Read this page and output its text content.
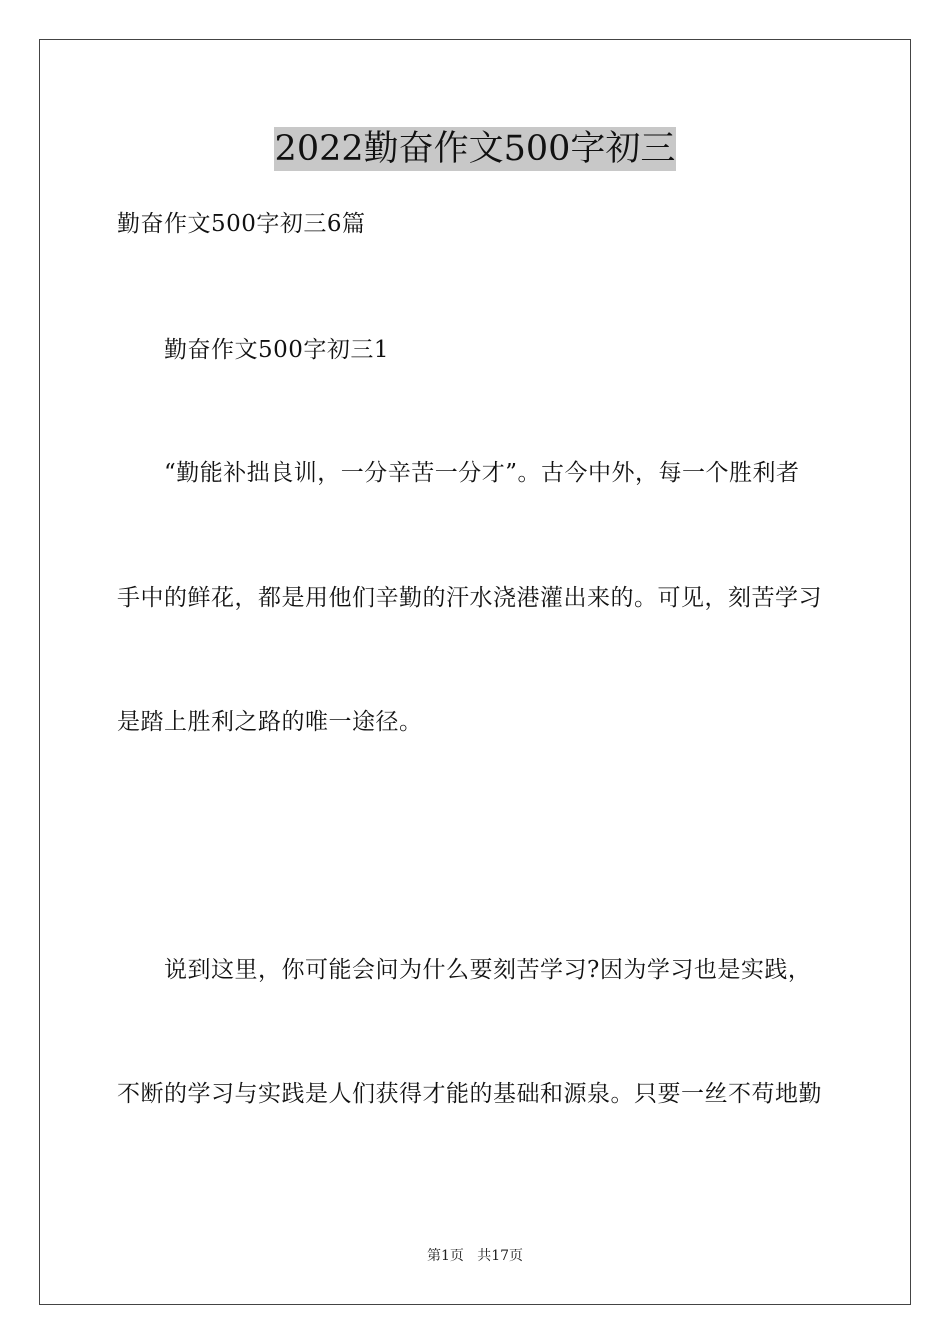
2022勤奋作文500字初三
勤奋作文500字初三6篇
勤奋作文500字初三1
“勤能补拙良训，一分辛苦一分才”。古今中外，每一个胜利者
手中的鲜花，都是用他们辛勤的汗水浇港灌出来的。可见，刻苦学习
是踏上胜利之路的唯一途径。
说到这里，你可能会问为什么要刻苦学习?因为学习也是实践，
不断的学习与实践是人们获得才能的基础和源泉。只要一丝不苟地勤
第1页   共17页
